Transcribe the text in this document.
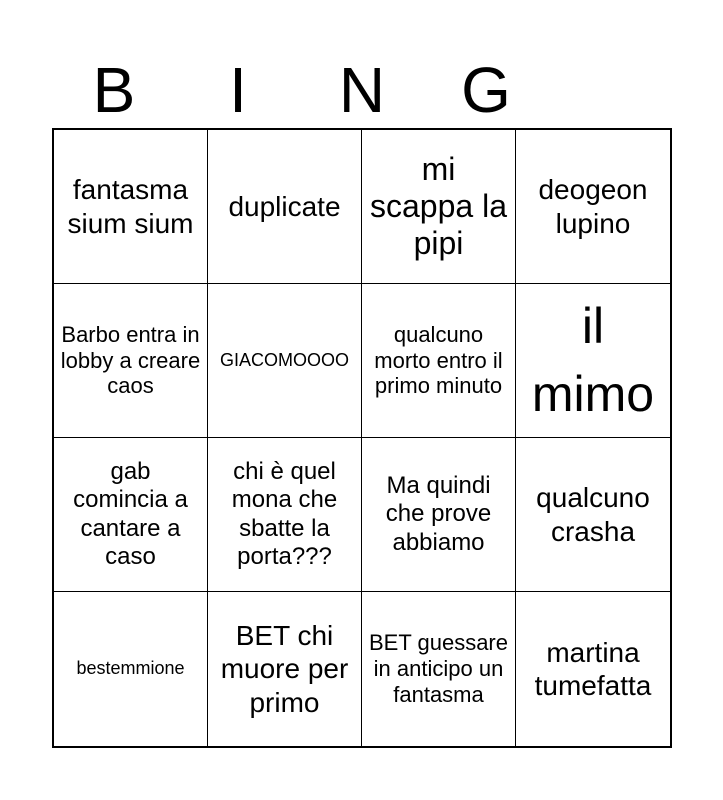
B	I	N	G
fantasma sium sium
duplicate
mi scappa la pipi
deogeon lupino
Barbo entra in lobby a creare caos
GIACOMOOOO
qualcuno morto entro il primo minuto
il mimo
gab comincia a cantare a caso
chi è quel mona che sbatte la porta???
Ma quindi che prove abbiamo
qualcuno crasha
bestemmione
BET chi muore per primo
BET guessare in anticipo un fantasma
martina tumefatta
